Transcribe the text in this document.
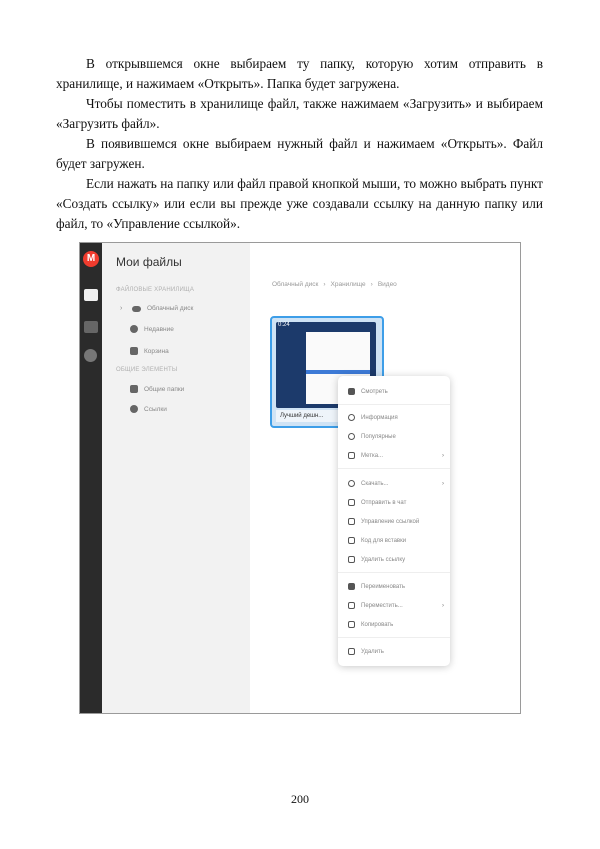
В открывшемся окне выбираем ту папку, которую хотим отправить в хранилище, и нажимаем «Открыть». Папка будет загружена.

Чтобы поместить в хранилище файл, также нажимаем «Загрузить» и выбираем «Загрузить файл».

В появившемся окне выбираем нужный файл и нажимаем «Открыть». Файл будет загружен.

Если нажать на папку или файл правой кнопкой мыши, то можно выбрать пункт «Создать ссылку» или если вы прежде уже создавали ссылку на данную папку или файл, то «Управление ссылкой».

M	Мои файлы
ФАЙЛОВЫЕ ХРАНИЛИЩА
›	Облачный диск
Недавние
Корзина
ОБЩИЕ ЭЛЕМЕНТЫ
Общие папки
Ссылки
Облачный диск › Хранилище › Видео
0:24
Лучший дешн...
Смотреть
Информация
Популярные
Метка...	›
Скачать...	›
Отправить в чат
Управление ссылкой
Код для вставки
Удалить ссылку
Переименовать
Переместить...	›
Копировать
Удалить
200
